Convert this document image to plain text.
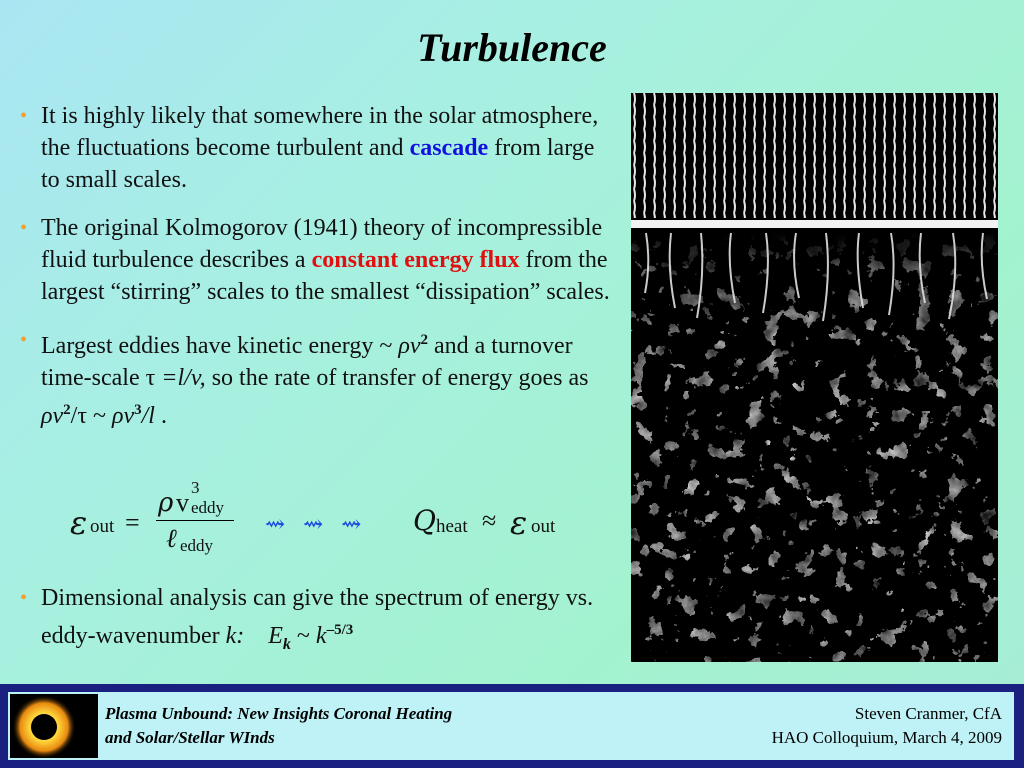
Turbulence
• It is highly likely that somewhere in the solar atmosphere, the fluctuations become turbulent and cascade from large to small scales.
• The original Kolmogorov (1941) theory of incompressible fluid turbulence describes a constant energy flux from the largest “stirring” scales to the smallest “dissipation” scales.
• Largest eddies have kinetic energy ~ $\rho v^2$ and a turnover time-scale τ =l/v, so the rate of transfer of energy goes as $\rho v^2/\tau$ ~ $\rho v^3/l$ .
ε out =
ρ v
3
eddy
ℓ eddy
⇝ ⇝ ⇝ Q heat ≈ ε out
• Dimensional analysis can give the spectrum of energy vs. eddy-wavenumber k: $E_k$ ~ $k^{-5/3}$
Plasma Unbound: New Insights Coronal Heating
and Solar/Stellar WInds
Steven Cranmer, CfA
HAO Colloquium, March 4, 2009
